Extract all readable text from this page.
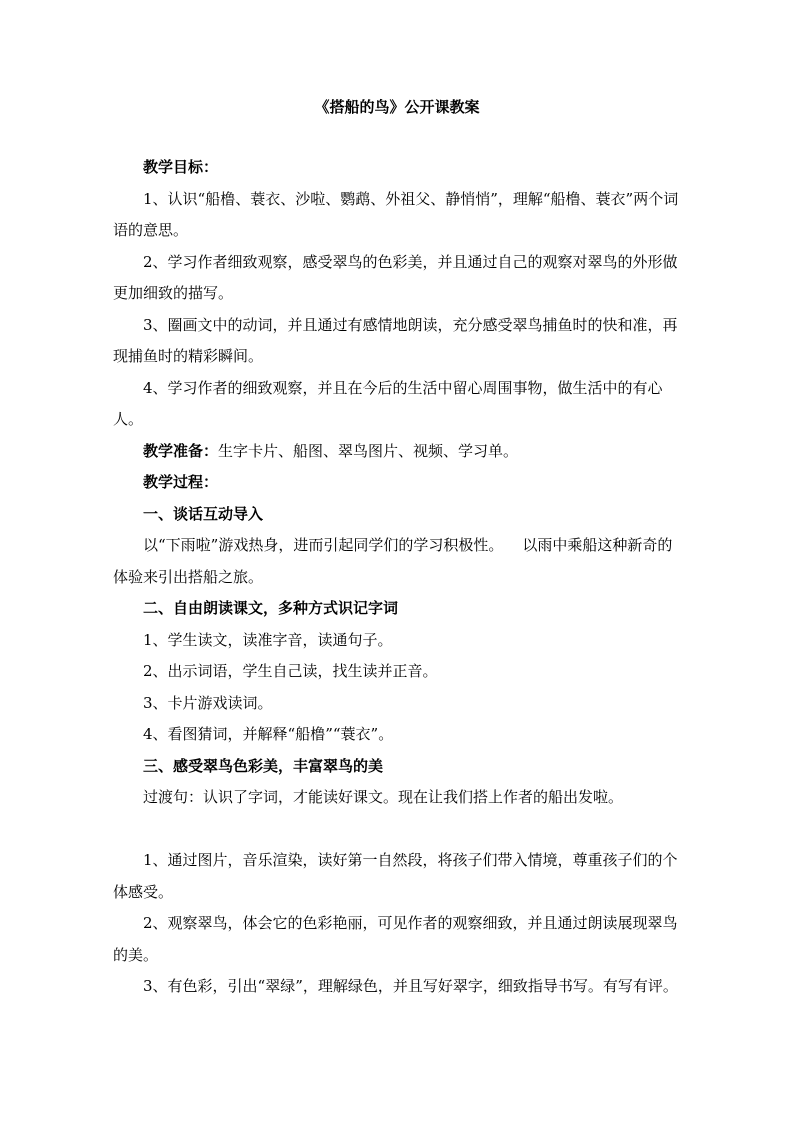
《搭船的鸟》公开课教案

教学目标：

1、认识“船橹、蓑衣、沙啦、鹦鹉、外祖父、静悄悄”，理解“船橹、蓑衣”两个词语的意思。

2、学习作者细致观察，感受翠鸟的色彩美，并且通过自己的观察对翠鸟的外形做更加细致的描写。

3、圈画文中的动词，并且通过有感情地朗读，充分感受翠鸟捕鱼时的快和准，再现捕鱼时的精彩瞬间。

4、学习作者的细致观察，并且在今后的生活中留心周围事物，做生活中的有心人。

教学准备：生字卡片、船图、翠鸟图片、视频、学习单。

教学过程：

一、谈话互动导入

以“下雨啦”游戏热身，进而引起同学们的学习积极性。    以雨中乘船这种新奇的体验来引出搭船之旅。

二、自由朗读课文，多种方式识记字词

1、学生读文，读准字音，读通句子。

2、出示词语，学生自己读，找生读并正音。

3、卡片游戏读词。

4、看图猜词，并解释“船橹”“蓑衣”。

三、感受翠鸟色彩美，丰富翠鸟的美

过渡句：认识了字词，才能读好课文。现在让我们搭上作者的船出发啦。

1、通过图片，音乐渲染，读好第一自然段，将孩子们带入情境，尊重孩子们的个体感受。

2、观察翠鸟，体会它的色彩艳丽，可见作者的观察细致，并且通过朗读展现翠鸟的美。

3、有色彩，引出“翠绿”，理解绿色，并且写好翠字，细致指导书写。有写有评。
